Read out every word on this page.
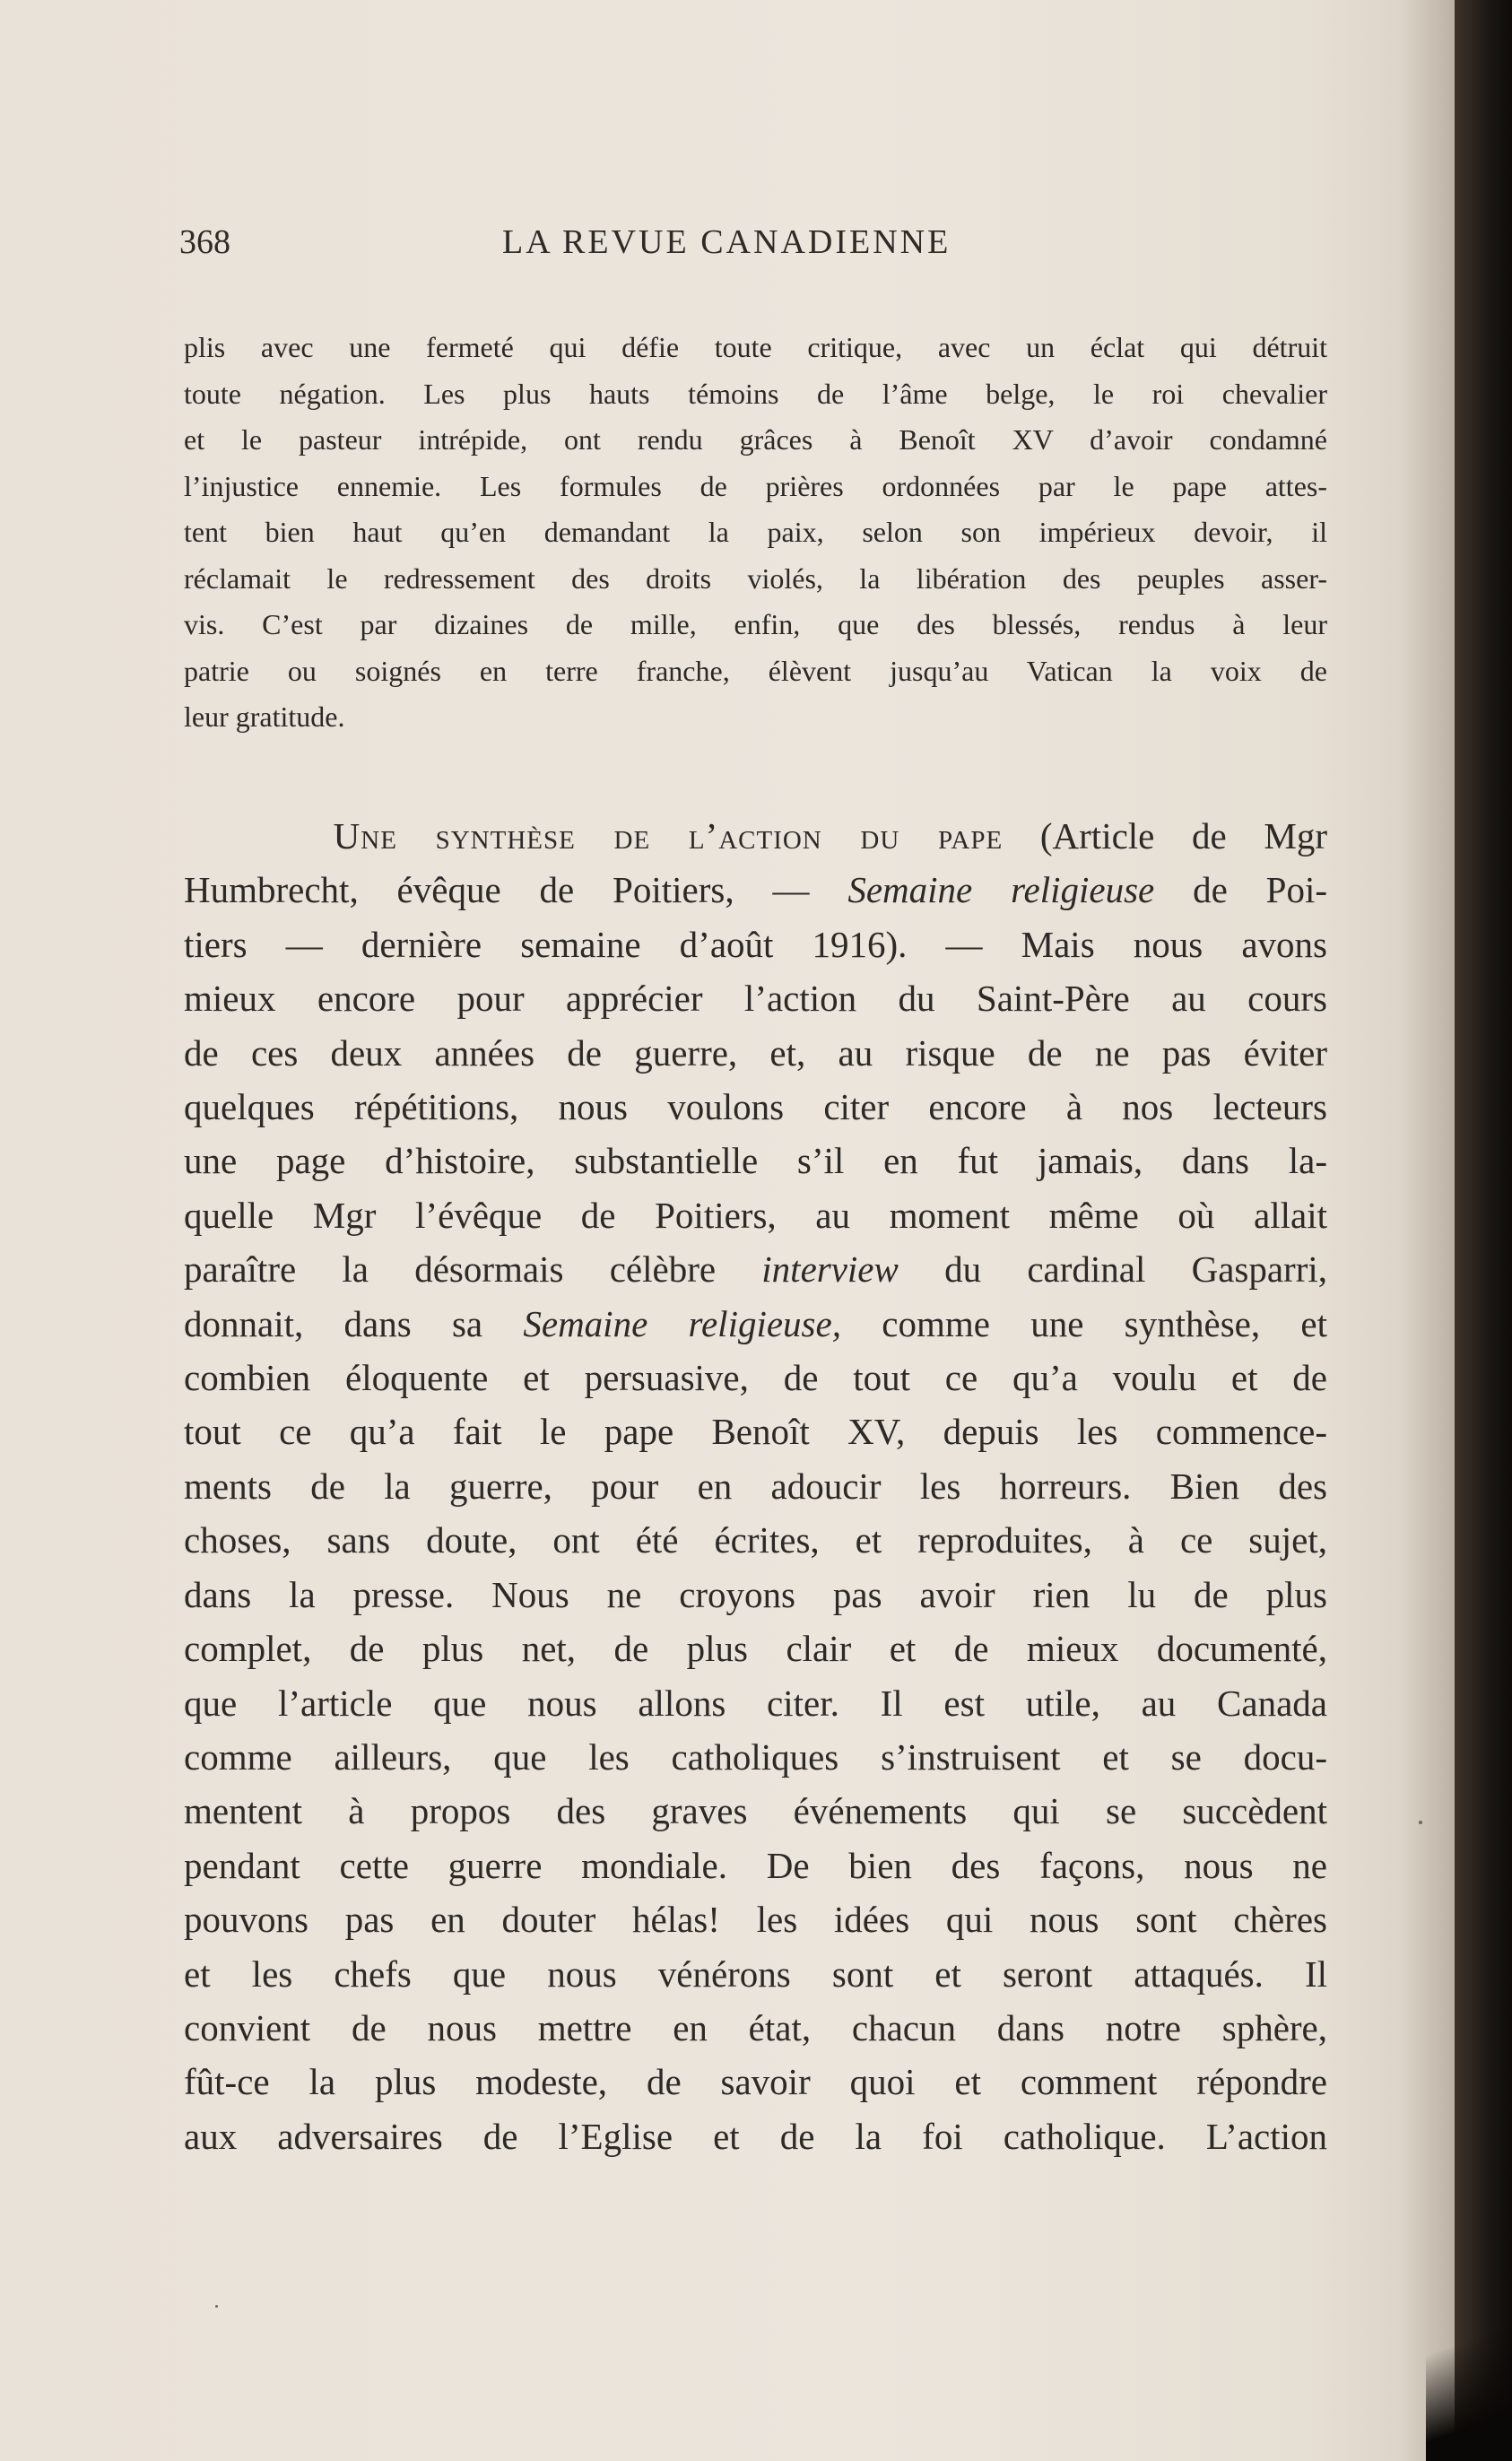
368	LA REVUE CANADIENNE
plis avec une fermeté qui défie toute critique, avec un éclat qui détruit
toute négation. Les plus hauts témoins de l’âme belge, le roi chevalier
et le pasteur intrépide, ont rendu grâces à Benoît XV d’avoir condamné
l’injustice ennemie. Les formules de prières ordonnées par le pape attes-
tent bien haut qu’en demandant la paix, selon son impérieux devoir, il
réclamait le redressement des droits violés, la libération des peuples asser-
vis. C’est par dizaines de mille, enfin, que des blessés, rendus à leur
patrie ou soignés en terre franche, élèvent jusqu’au Vatican la voix de
leur gratitude.
Une synthèse de l’action du pape (Article de Mgr
Humbrecht, évêque de Poitiers, — Semaine religieuse de Poi-
tiers — dernière semaine d’août 1916). — Mais nous avons
mieux encore pour apprécier l’action du Saint-Père au cours
de ces deux années de guerre, et, au risque de ne pas éviter
quelques répétitions, nous voulons citer encore à nos lecteurs
une page d’histoire, substantielle s’il en fut jamais, dans la-
quelle Mgr l’évêque de Poitiers, au moment même où allait
paraître la désormais célèbre interview du cardinal Gasparri,
donnait, dans sa Semaine religieuse, comme une synthèse, et
combien éloquente et persuasive, de tout ce qu’a voulu et de
tout ce qu’a fait le pape Benoît XV, depuis les commence-
ments de la guerre, pour en adoucir les horreurs. Bien des
choses, sans doute, ont été écrites, et reproduites, à ce sujet,
dans la presse. Nous ne croyons pas avoir rien lu de plus
complet, de plus net, de plus clair et de mieux documenté,
que l’article que nous allons citer. Il est utile, au Canada
comme ailleurs, que les catholiques s’instruisent et se docu-
mentent à propos des graves événements qui se succèdent
pendant cette guerre mondiale. De bien des façons, nous ne
pouvons pas en douter hélas! les idées qui nous sont chères
et les chefs que nous vénérons sont et seront attaqués. Il
convient de nous mettre en état, chacun dans notre sphère,
fût-ce la plus modeste, de savoir quoi et comment répondre
aux adversaires de l’Eglise et de la foi catholique. L’action
